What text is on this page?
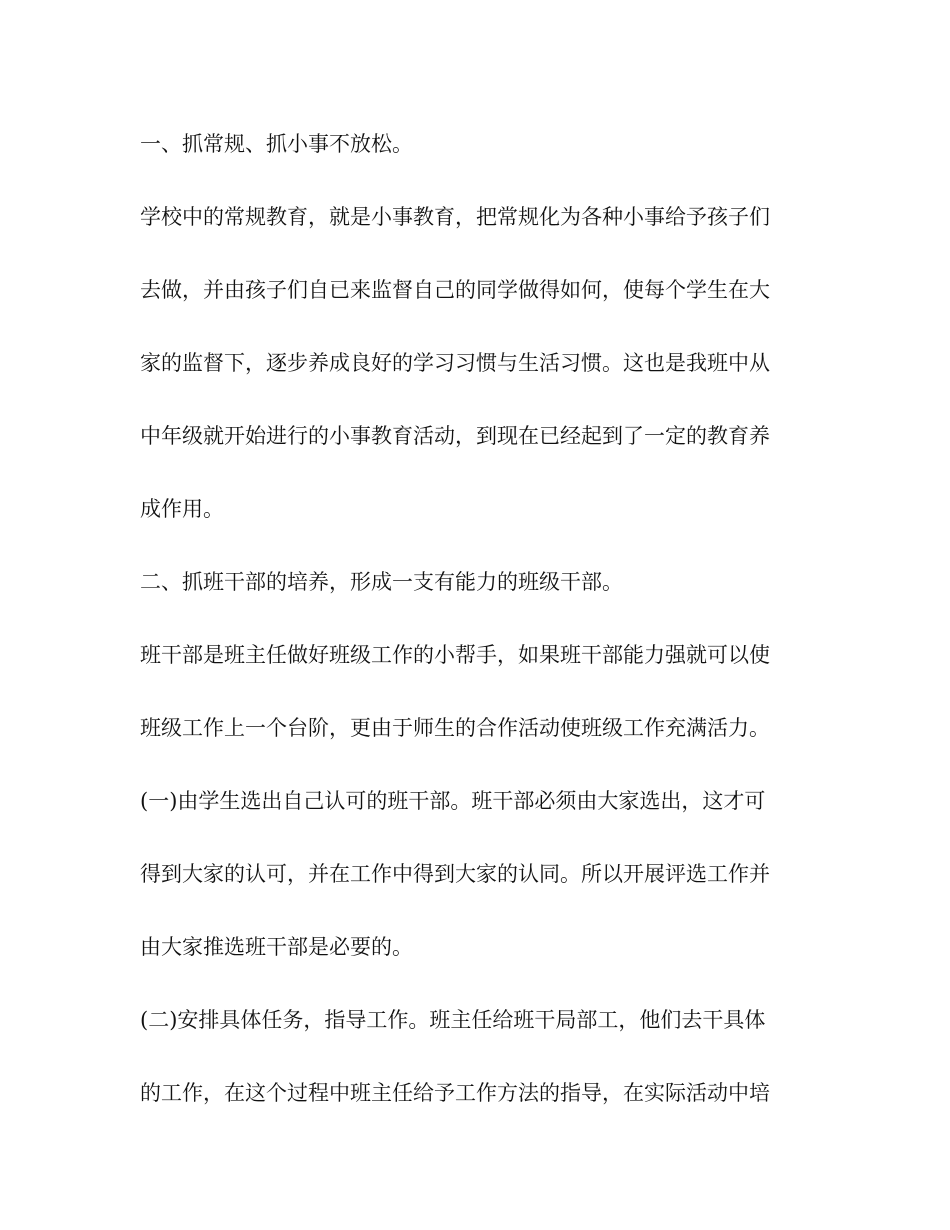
一、抓常规、抓小事不放松。
学校中的常规教育，就是小事教育，把常规化为各种小事给予孩子们
去做，并由孩子们自已来监督自己的同学做得如何，使每个学生在大
家的监督下，逐步养成良好的学习习惯与生活习惯。这也是我班中从
中年级就开始进行的小事教育活动，到现在已经起到了一定的教育养
成作用。
二、抓班干部的培养，形成一支有能力的班级干部。
班干部是班主任做好班级工作的小帮手，如果班干部能力强就可以使
班级工作上一个台阶，更由于师生的合作活动使班级工作充满活力。
(一)由学生选出自己认可的班干部。班干部必须由大家选出，这才可
得到大家的认可，并在工作中得到大家的认同。所以开展评选工作并
由大家推选班干部是必要的。
(二)安排具体任务，指导工作。班主任给班干局部工，他们去干具体
的工作，在这个过程中班主任给予工作方法的指导，在实际活动中培
